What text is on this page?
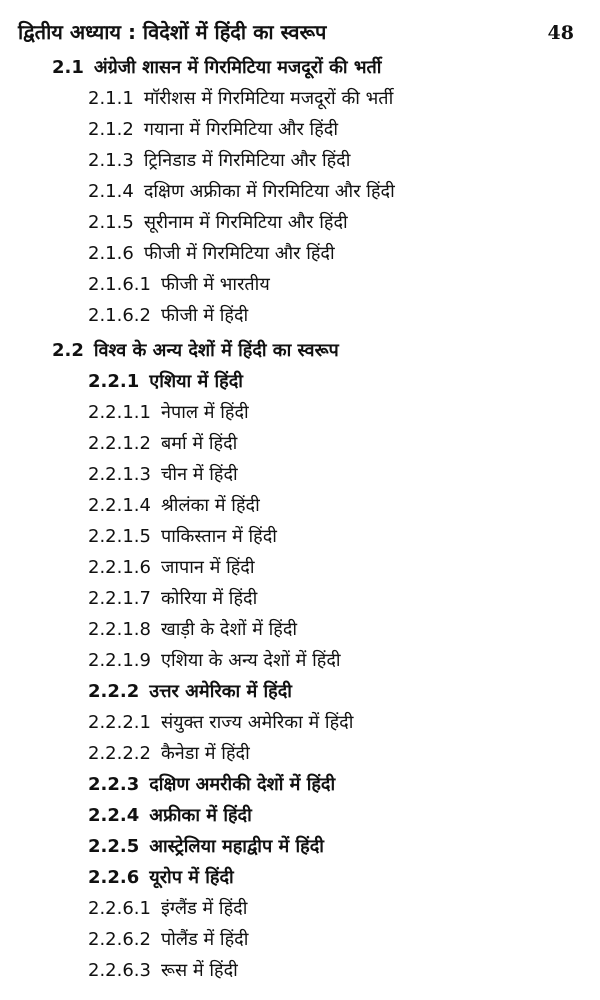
द्वितीय अध्याय : विदेशों में हिंदी का स्वरूप	48
2.1 अंग्रेजी शासन में गिरमिटिया मजदूरों की भर्ती
2.1.1 मॉरीशस में गिरमिटिया मजदूरों की भर्ती
2.1.2 गयाना में गिरमिटिया और हिंदी
2.1.3 ट्रिनिडाड में गिरमिटिया और हिंदी
2.1.4 दक्षिण अफ्रीका में गिरमिटिया और हिंदी
2.1.5 सूरीनाम में गिरमिटिया और हिंदी
2.1.6 फीजी में गिरमिटिया और हिंदी
2.1.6.1 फीजी में भारतीय
2.1.6.2 फीजी में हिंदी
2.2 विश्व के अन्य देशों में हिंदी का स्वरूप
2.2.1 एशिया में हिंदी
2.2.1.1 नेपाल में हिंदी
2.2.1.2 बर्मा में हिंदी
2.2.1.3 चीन में हिंदी
2.2.1.4 श्रीलंका में हिंदी
2.2.1.5 पाकिस्तान में हिंदी
2.2.1.6 जापान में हिंदी
2.2.1.7 कोरिया में हिंदी
2.2.1.8 खाड़ी के देशों में हिंदी
2.2.1.9 एशिया के अन्य देशों में हिंदी
2.2.2 उत्तर अमेरिका में हिंदी
2.2.2.1 संयुक्त राज्य अमेरिका में हिंदी
2.2.2.2 कैनेडा में हिंदी
2.2.3 दक्षिण अमरीकी देशों में हिंदी
2.2.4 अफ्रीका में हिंदी
2.2.5 आस्ट्रेलिया महाद्वीप में हिंदी
2.2.6 यूरोप में हिंदी
2.2.6.1 इंग्लैंड में हिंदी
2.2.6.2 पोलैंड में हिंदी
2.2.6.3 रूस में हिंदी
